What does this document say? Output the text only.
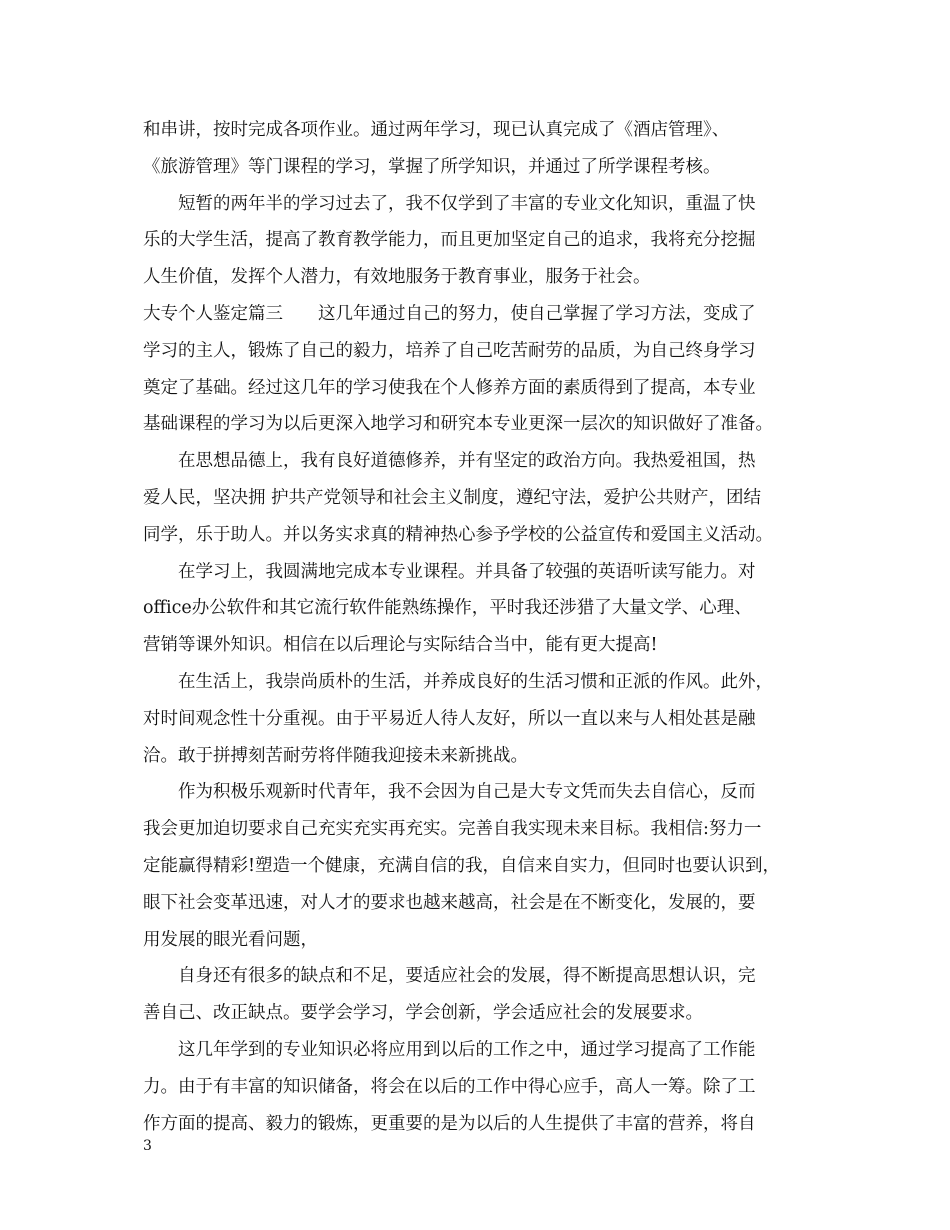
和串讲，按时完成各项作业。通过两年学习，现已认真完成了《酒店管理》、
《旅游管理》等门课程的学习，掌握了所学知识，并通过了所学课程考核。
　　短暂的两年半的学习过去了，我不仅学到了丰富的专业文化知识，重温了快
乐的大学生活，提高了教育教学能力，而且更加坚定自己的追求，我将充分挖掘
人生价值，发挥个人潜力，有效地服务于教育事业，服务于社会。
大专个人鉴定篇三　　这几年通过自己的努力，使自己掌握了学习方法，变成了
学习的主人，锻炼了自己的毅力，培养了自己吃苦耐劳的品质，为自己终身学习
奠定了基础。经过这几年的学习使我在个人修养方面的素质得到了提高，本专业
基础课程的学习为以后更深入地学习和研究本专业更深一层次的知识做好了准备。
　　在思想品德上，我有良好道德修养，并有坚定的政治方向。我热爱祖国，热
爱人民，坚决拥 护共产党领导和社会主义制度，遵纪守法，爱护公共财产，团结
同学，乐于助人。并以务实求真的精神热心参予学校的公益宣传和爱国主义活动。
　　在学习上，我圆满地完成本专业课程。并具备了较强的英语听读写能力。对
office办公软件和其它流行软件能熟练操作，平时我还涉猎了大量文学、心理、
营销等课外知识。相信在以后理论与实际结合当中，能有更大提高!
　　在生活上，我崇尚质朴的生活，并养成良好的生活习惯和正派的作风。此外，
对时间观念性十分重视。由于平易近人待人友好，所以一直以来与人相处甚是融
洽。敢于拼搏刻苦耐劳将伴随我迎接未来新挑战。
　　作为积极乐观新时代青年，我不会因为自己是大专文凭而失去自信心，反而
我会更加迫切要求自己充实充实再充实。完善自我实现未来目标。我相信:努力一
定能赢得精彩!塑造一个健康，充满自信的我，自信来自实力，但同时也要认识到，
眼下社会变革迅速，对人才的要求也越来越高，社会是在不断变化，发展的，要
用发展的眼光看问题，
　　自身还有很多的缺点和不足，要适应社会的发展，得不断提高思想认识，完
善自己、改正缺点。要学会学习，学会创新，学会适应社会的发展要求。
　　这几年学到的专业知识必将应用到以后的工作之中，通过学习提高了工作能
力。由于有丰富的知识储备，将会在以后的工作中得心应手，高人一筹。除了工
作方面的提高、毅力的锻炼，更重要的是为以后的人生提供了丰富的营养，将自
3
